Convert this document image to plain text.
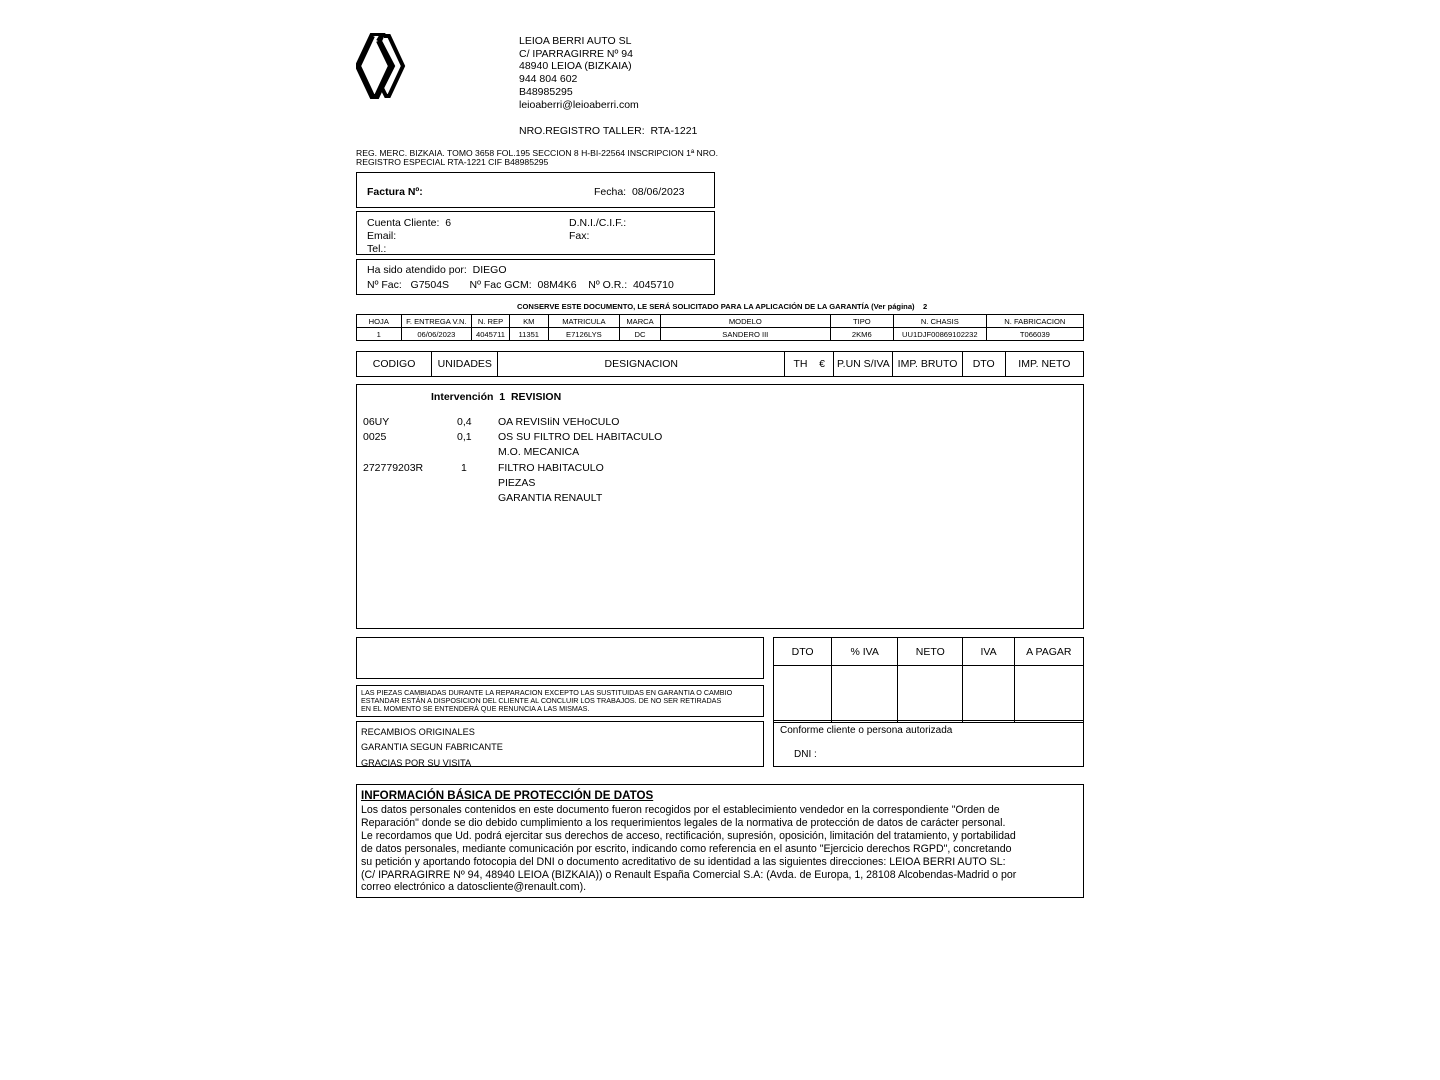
LEIOA BERRI AUTO SL
C/ IPARRAGIRRE Nº 94
48940 LEIOA (BIZKAIA)
944 804 602
B48985295
leioaberri@leioaberri.com
NRO.REGISTRO TALLER: RTA-1221
REG. MERC. BIZKAIA. TOMO 3658 FOL.195 SECCION 8 H-BI-22564 INSCRIPCION 1ª NRO.
REGISTRO ESPECIAL RTA-1221 CIF B48985295
Factura Nº:	Fecha: 08/06/2023
Cuenta Cliente: 6
Email:
Tel.:
D.N.I./C.I.F.:
Fax:
Ha sido atendido por: DIEGO
Nº Fac: G7504S Nº Fac GCM: 08M4K6 Nº O.R.: 4045710
CONSERVE ESTE DOCUMENTO, LE SERÁ SOLICITADO PARA LA APLICACIÓN DE LA GARANTÍA (Ver página) 2
HOJA	F. ENTREGA V.N.	N. REP	KM	MATRICULA	MARCA	MODELO	TIPO	N. CHASIS	N. FABRICACION
1	06/06/2023	4045711	11351	E7126LYS	DC	SANDERO III	2KM6	UU1DJF00869102232	T066039
CODIGO	UNIDADES	DESIGNACION	TH €	P.UN S/IVA	IMP. BRUTO	DTO	IMP. NETO
Intervención 1 REVISION
06UY	0,4	OA REVISIiN VEHoCULO
0025	0,1	OS SU FILTRO DEL HABITACULO
M.O. MECANICA
272779203R	1	FILTRO HABITACULO
PIEZAS
GARANTIA RENAULT
LAS PIEZAS CAMBIADAS DURANTE LA REPARACION EXCEPTO LAS SUSTITUIDAS EN GARANTIA O CAMBIO
ESTANDAR ESTÁN A DISPOSICION DEL CLIENTE AL CONCLUIR LOS TRABAJOS. DE NO SER RETIRADAS
EN EL MOMENTO SE ENTENDERÁ QUE RENUNCIA A LAS MISMAS.
RECAMBIOS ORIGINALES
GARANTIA SEGUN FABRICANTE
GRACIAS POR SU VISITA
DTO	% IVA	NETO	IVA	A PAGAR

Conforme cliente o persona autorizada
DNI :
INFORMACIÓN BÁSICA DE PROTECCIÓN DE DATOS
Los datos personales contenidos en este documento fueron recogidos por el establecimiento vendedor en la correspondiente "Orden de
Reparación" donde se dio debido cumplimiento a los requerimientos legales de la normativa de protección de datos de carácter personal.
Le recordamos que Ud. podrá ejercitar sus derechos de acceso, rectificación, supresión, oposición, limitación del tratamiento, y portabilidad
de datos personales, mediante comunicación por escrito, indicando como referencia en el asunto "Ejercicio derechos RGPD", concretando
su petición y aportando fotocopia del DNI o documento acreditativo de su identidad a las siguientes direcciones: LEIOA BERRI AUTO SL:
(C/ IPARRAGIRRE Nº 94, 48940 LEIOA (BIZKAIA)) o Renault España Comercial S.A: (Avda. de Europa, 1, 28108 Alcobendas-Madrid o por
correo electrónico a datoscliente@renault.com).
